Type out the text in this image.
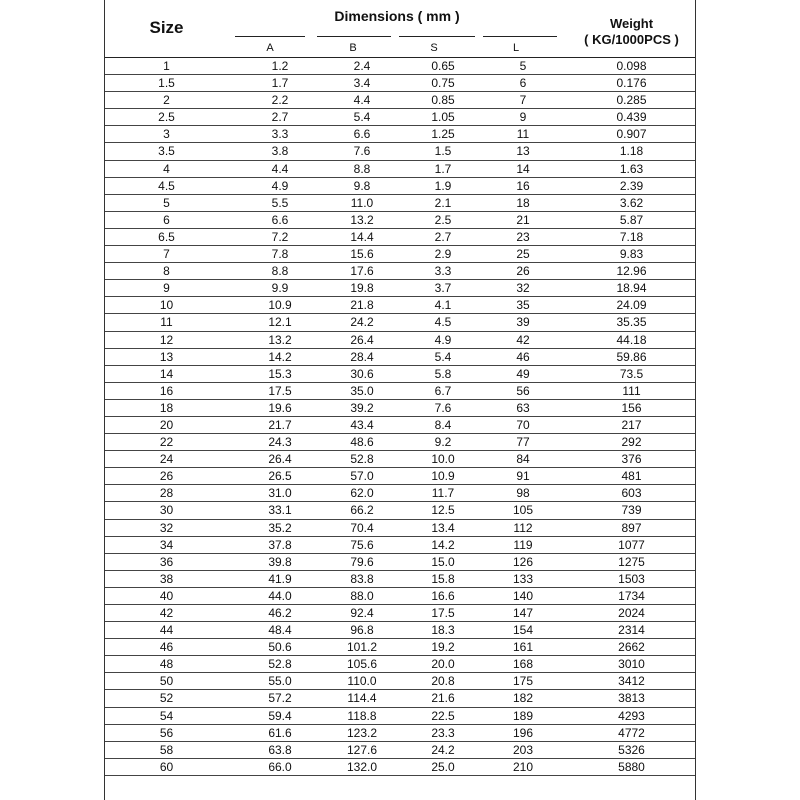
Size
Dimensions ( mm )	Weight
( KG/1000PCS )
A	B	S	L
1	1.2	2.4	0.65	5	0.098
1.5	1.7	3.4	0.75	6	0.176
2	2.2	4.4	0.85	7	0.285
2.5	2.7	5.4	1.05	9	0.439
3	3.3	6.6	1.25	11	0.907
3.5	3.8	7.6	1.5	13	1.18
4	4.4	8.8	1.7	14	1.63
4.5	4.9	9.8	1.9	16	2.39
5	5.5	11.0	2.1	18	3.62
6	6.6	13.2	2.5	21	5.87
6.5	7.2	14.4	2.7	23	7.18
7	7.8	15.6	2.9	25	9.83
8	8.8	17.6	3.3	26	12.96
9	9.9	19.8	3.7	32	18.94
10	10.9	21.8	4.1	35	24.09
11	12.1	24.2	4.5	39	35.35
12	13.2	26.4	4.9	42	44.18
13	14.2	28.4	5.4	46	59.86
14	15.3	30.6	5.8	49	73.5
16	17.5	35.0	6.7	56	111
18	19.6	39.2	7.6	63	156
20	21.7	43.4	8.4	70	217
22	24.3	48.6	9.2	77	292
24	26.4	52.8	10.0	84	376
26	26.5	57.0	10.9	91	481
28	31.0	62.0	11.7	98	603
30	33.1	66.2	12.5	105	739
32	35.2	70.4	13.4	112	897
34	37.8	75.6	14.2	119	1077
36	39.8	79.6	15.0	126	1275
38	41.9	83.8	15.8	133	1503
40	44.0	88.0	16.6	140	1734
42	46.2	92.4	17.5	147	2024
44	48.4	96.8	18.3	154	2314
46	50.6	101.2	19.2	161	2662
48	52.8	105.6	20.0	168	3010
50	55.0	110.0	20.8	175	3412
52	57.2	114.4	21.6	182	3813
54	59.4	118.8	22.5	189	4293
56	61.6	123.2	23.3	196	4772
58	63.8	127.6	24.2	203	5326
60	66.0	132.0	25.0	210	5880
